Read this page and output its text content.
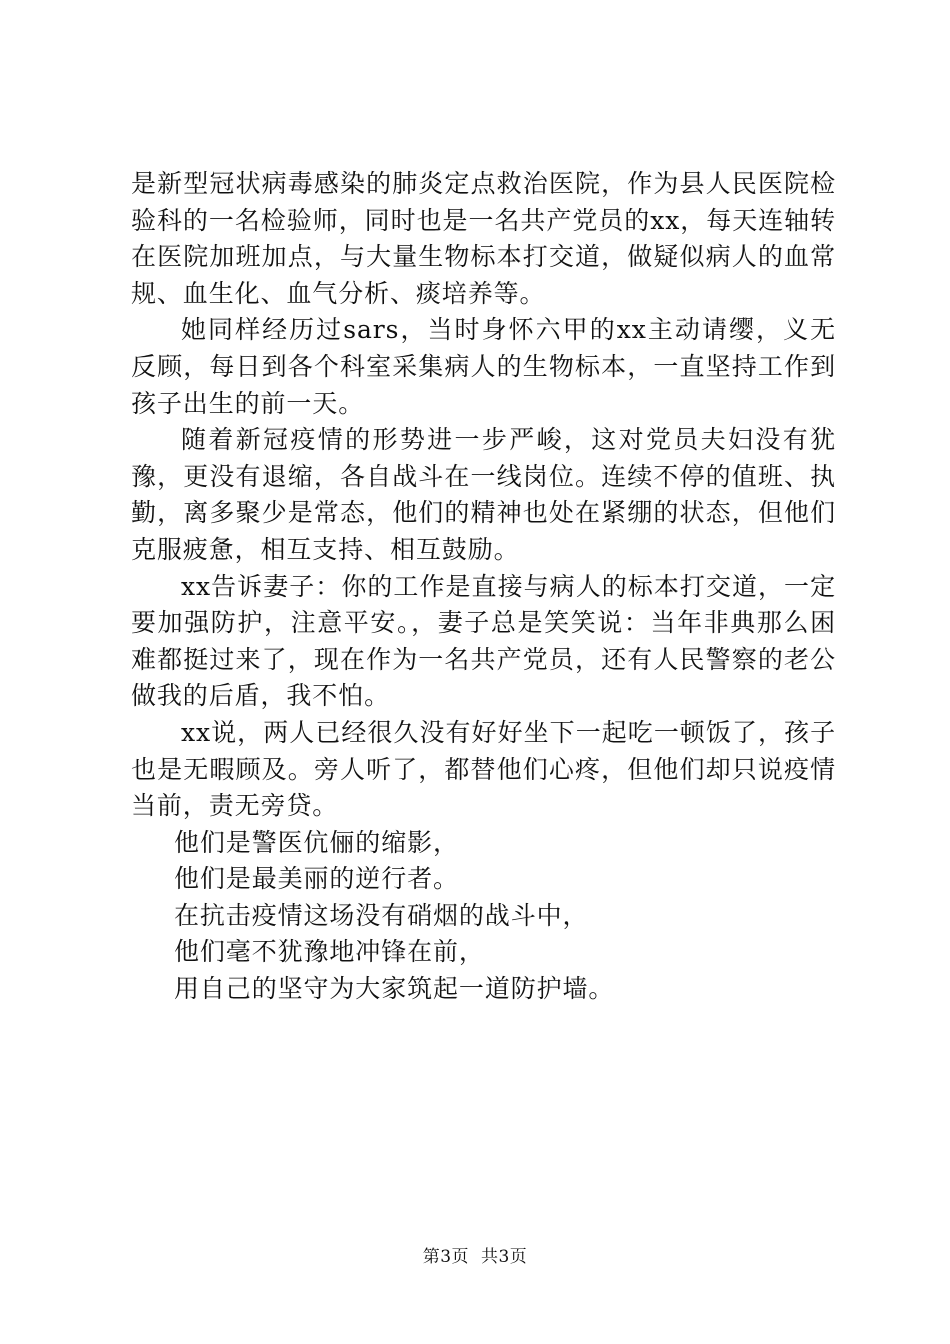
是新型冠状病毒感染的肺炎定点救治医院，作为县人民医院检验科的一名检验师，同时也是一名共产党员的xx，每天连轴转在医院加班加点，与大量生物标本打交道，做疑似病人的血常规、血生化、血气分析、痰培养等。

她同样经历过sars，当时身怀六甲的xx主动请缨，义无反顾，每日到各个科室采集病人的生物标本，一直坚持工作到孩子出生的前一天。

随着新冠疫情的形势进一步严峻，这对党员夫妇没有犹豫，更没有退缩，各自战斗在一线岗位。连续不停的值班、执勤，离多聚少是常态，他们的精神也处在紧绷的状态，但他们克服疲惫，相互支持、相互鼓励。

xx告诉妻子：你的工作是直接与病人的标本打交道，一定要加强防护，注意平安。，妻子总是笑笑说：当年非典那么困难都挺过来了，现在作为一名共产党员，还有人民警察的老公做我的后盾，我不怕。

xx说，两人已经很久没有好好坐下一起吃一顿饭了，孩子也是无暇顾及。旁人听了，都替他们心疼，但他们却只说疫情当前，责无旁贷。

他们是警医伉俪的缩影，

他们是最美丽的逆行者。

在抗击疫情这场没有硝烟的战斗中，

他们毫不犹豫地冲锋在前，

用自己的坚守为大家筑起一道防护墙。

第3页 共3页
